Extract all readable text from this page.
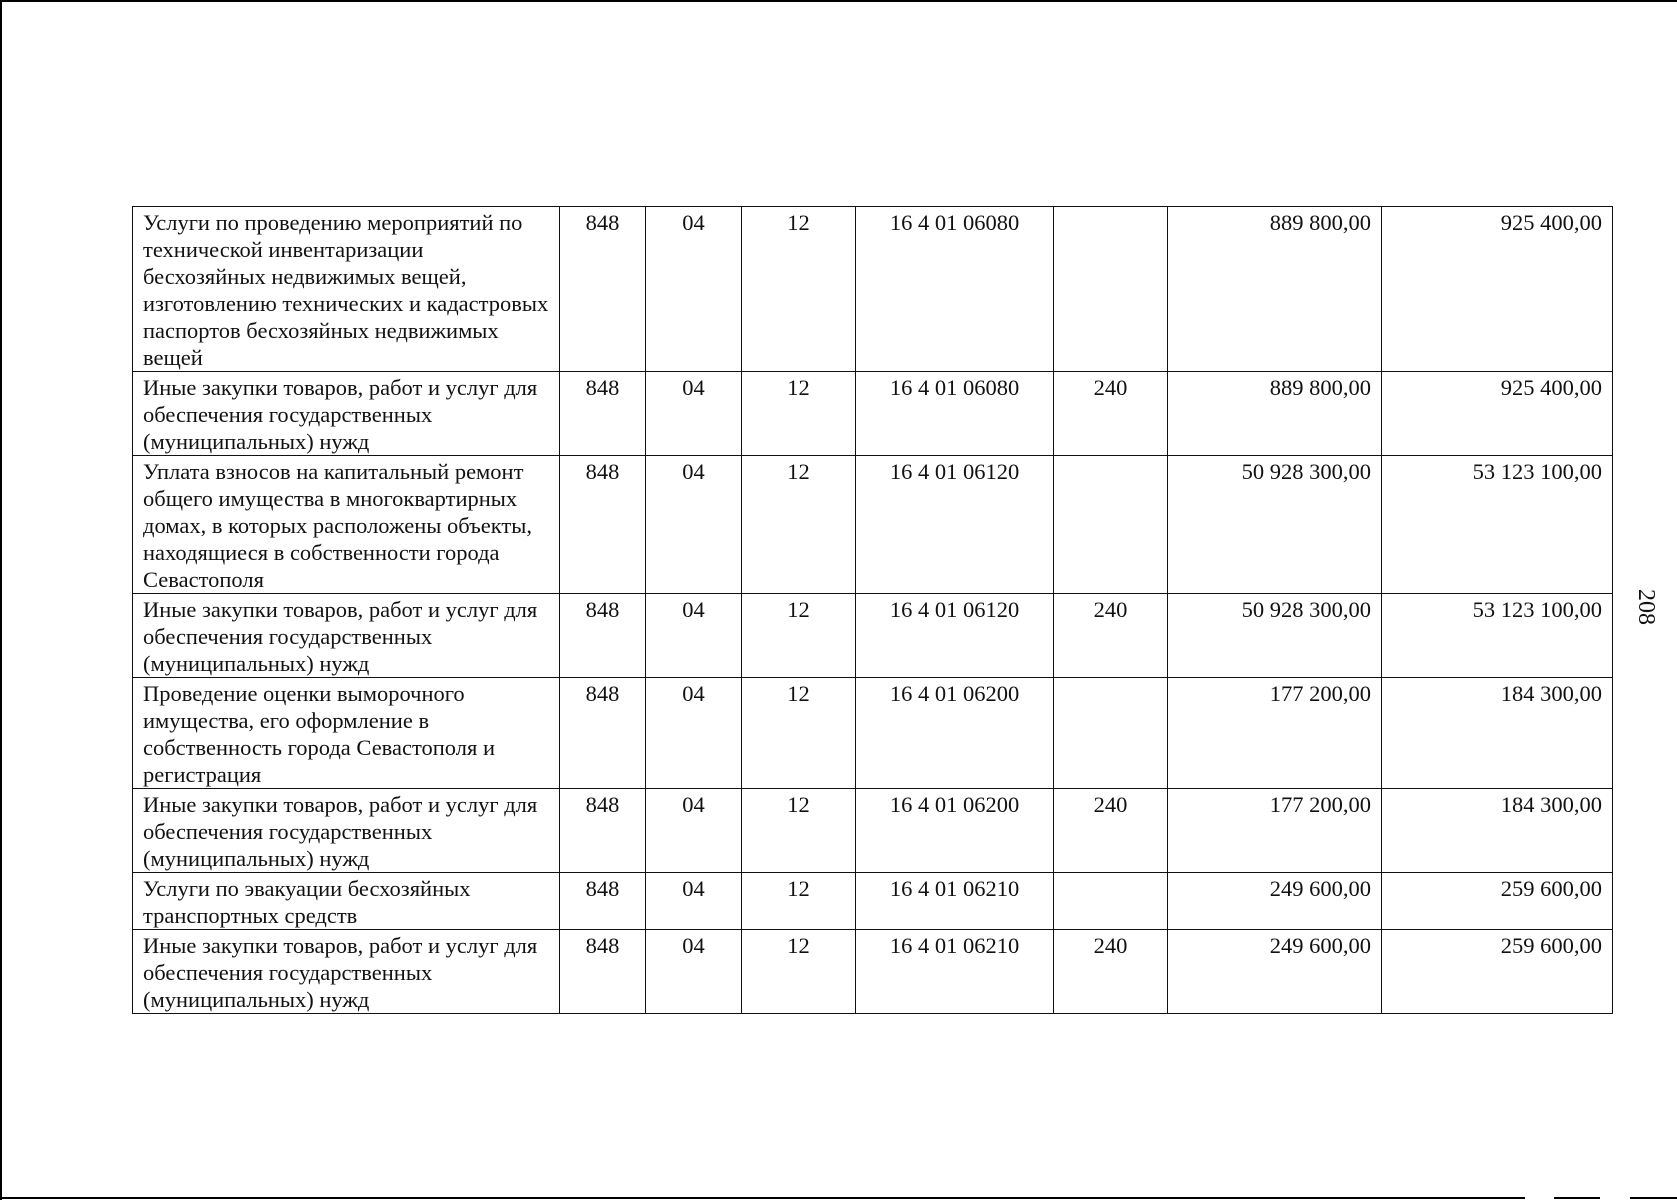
Услуги по проведению мероприятий по технической инвентаризации бесхозяйных недвижимых вещей, изготовлению технических и кадастровых паспортов бесхозяйных недвижимых вещей	848	04	12	16 4 01 06080		889 800,00	925 400,00
Иные закупки товаров, работ и услуг для обеспечения государственных (муниципальных) нужд	848	04	12	16 4 01 06080	240	889 800,00	925 400,00
Уплата взносов на капитальный ремонт общего имущества в многоквартирных домах, в которых расположены объекты, находящиеся в собственности города Севастополя	848	04	12	16 4 01 06120		50 928 300,00	53 123 100,00
Иные закупки товаров, работ и услуг для обеспечения государственных (муниципальных) нужд	848	04	12	16 4 01 06120	240	50 928 300,00	53 123 100,00
Проведение оценки выморочного имущества, его оформление в собственность города Севастополя и регистрация	848	04	12	16 4 01 06200		177 200,00	184 300,00
Иные закупки товаров, работ и услуг для обеспечения государственных (муниципальных) нужд	848	04	12	16 4 01 06200	240	177 200,00	184 300,00
Услуги по эвакуации бесхозяйных транспортных средств	848	04	12	16 4 01 06210		249 600,00	259 600,00
Иные закупки товаров, работ и услуг для обеспечения государственных (муниципальных) нужд	848	04	12	16 4 01 06210	240	249 600,00	259 600,00
208
